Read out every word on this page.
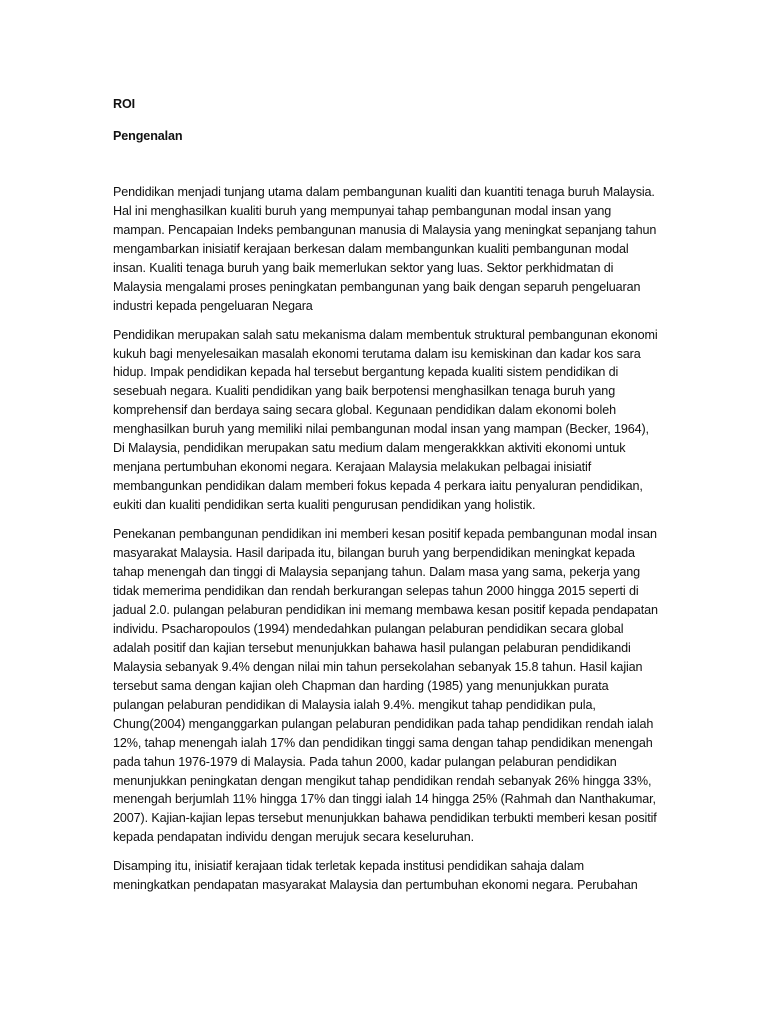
ROI

Pengenalan

Pendidikan menjadi tunjang utama dalam pembangunan kualiti dan kuantiti tenaga buruh Malaysia. Hal ini menghasilkan kualiti buruh yang mempunyai tahap pembangunan modal insan yang mampan. Pencapaian Indeks pembangunan manusia di Malaysia yang meningkat sepanjang tahun mengambarkan inisiatif kerajaan berkesan dalam membangunkan kualiti pembangunan modal insan. Kualiti tenaga buruh yang baik memerlukan sektor yang luas. Sektor perkhidmatan di Malaysia mengalami proses peningkatan pembangunan yang baik dengan separuh pengeluaran industri kepada pengeluaran Negara

Pendidikan merupakan salah satu mekanisma dalam membentuk struktural pembangunan ekonomi kukuh bagi menyelesaikan masalah ekonomi terutama dalam isu kemiskinan dan kadar kos sara hidup. Impak pendidikan kepada hal tersebut bergantung kepada kualiti sistem pendidikan di sesebuah negara. Kualiti pendidikan yang baik berpotensi menghasilkan tenaga buruh yang komprehensif dan berdaya saing secara global. Kegunaan pendidikan dalam ekonomi boleh menghasilkan buruh yang memiliki nilai pembangunan modal insan yang mampan (Becker, 1964), Di Malaysia, pendidikan merupakan satu medium dalam mengerakkkan aktiviti ekonomi untuk menjana pertumbuhan ekonomi negara. Kerajaan Malaysia melakukan pelbagai inisiatif membangunkan pendidikan dalam memberi fokus kepada 4 perkara iaitu penyaluran pendidikan, eukiti dan kualiti pendidikan serta kualiti pengurusan pendidikan yang holistik.

Penekanan pembangunan pendidikan ini memberi kesan positif kepada pembangunan modal insan masyarakat Malaysia. Hasil daripada itu, bilangan buruh yang berpendidikan meningkat kepada tahap menengah dan tinggi di Malaysia sepanjang tahun. Dalam masa yang sama, pekerja yang tidak memerima pendidikan dan rendah berkurangan selepas tahun 2000 hingga 2015 seperti di jadual 2.0. pulangan pelaburan pendidikan ini memang membawa kesan positif kepada pendapatan individu. Psacharopoulos (1994) mendedahkan pulangan pelaburan pendidikan secara global adalah positif dan kajian tersebut menunjukkan bahawa hasil pulangan pelaburan pendidikandi Malaysia sebanyak 9.4% dengan nilai min tahun persekolahan sebanyak 15.8 tahun. Hasil kajian tersebut sama dengan kajian oleh Chapman dan harding (1985) yang menunjukkan purata pulangan pelaburan pendidikan di Malaysia ialah 9.4%. mengikut tahap pendidikan pula, Chung(2004) menganggarkan pulangan pelaburan pendidikan pada tahap pendidikan rendah ialah 12%, tahap menengah ialah 17% dan pendidikan tinggi sama dengan tahap pendidikan menengah pada tahun 1976-1979 di Malaysia. Pada tahun 2000, kadar pulangan pelaburan pendidikan menunjukkan peningkatan dengan mengikut tahap pendidikan rendah sebanyak 26% hingga 33%, menengah berjumlah 11% hingga 17% dan tinggi ialah 14 hingga 25% (Rahmah dan Nanthakumar, 2007). Kajian-kajian lepas tersebut menunjukkan bahawa pendidikan terbukti memberi kesan positif kepada pendapatan individu dengan merujuk secara keseluruhan.

Disamping itu, inisiatif kerajaan tidak terletak kepada institusi pendidikan sahaja dalam meningkatkan pendapatan masyarakat Malaysia dan pertumbuhan ekonomi negara. Perubahan
